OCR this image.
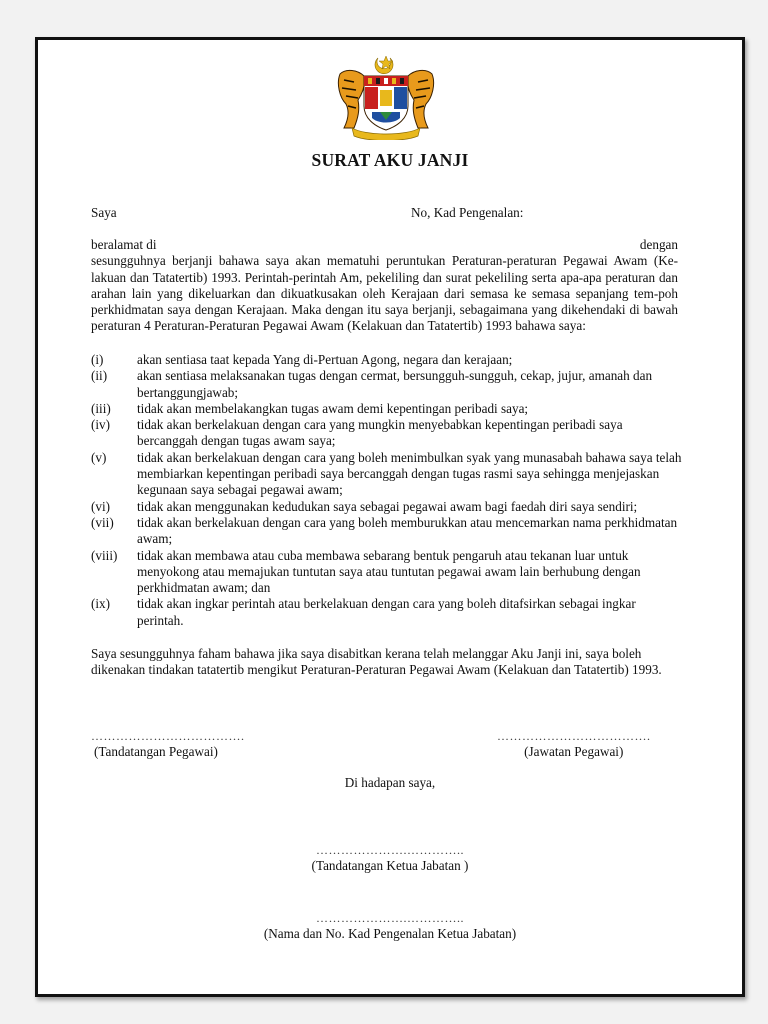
SURAT AKU JANJI
Saya	No, Kad Pengenalan:
beralamat di	dengan
sesungguhnya berjanji bahawa saya akan mematuhi peruntukan Peraturan-peraturan Pegawai Awam (Ke-lakuan dan Tatatertib) 1993. Perintah-perintah Am, pekeliling dan surat pekeliling serta apa-apa peraturan dan arahan lain yang dikeluarkan dan dikuatkusakan oleh Kerajaan dari semasa ke semasa sepanjang tem-poh perkhidmatan saya dengan Kerajaan. Maka dengan itu saya berjanji, sebagaimana yang dikehendaki di bawah peraturan 4 Peraturan-Peraturan Pegawai Awam (Kelakuan dan Tatatertib) 1993 bahawa saya:
(i)	akan sentiasa taat kepada Yang di-Pertuan Agong, negara dan kerajaan;
(ii)	akan sentiasa melaksanakan tugas dengan cermat, bersungguh-sungguh, cekap, jujur, amanah dan bertanggungjawab;
(iii)	tidak akan membelakangkan tugas awam demi kepentingan peribadi saya;
(iv)	tidak akan berkelakuan dengan cara yang mungkin menyebabkan kepentingan peribadi saya bercanggah dengan tugas awam saya;
(v)	tidak akan berkelakuan dengan cara yang boleh menimbulkan syak yang munasabah bahawa saya telah membiarkan kepentingan peribadi saya bercanggah dengan tugas rasmi saya sehingga menjejaskan kegunaan saya sebagai pegawai awam;
(vi)	tidak akan menggunakan kedudukan saya sebagai pegawai awam bagi faedah diri saya sendiri;
(vii)	tidak akan berkelakuan dengan cara yang boleh memburukkan atau mencemarkan nama perkhidmatan awam;
(viii)	tidak akan membawa atau cuba membawa sebarang bentuk pengaruh atau tekanan luar untuk menyokong atau memajukan tuntutan saya atau tuntutan pegawai awam lain berhubung dengan perkhidmatan awam; dan
(ix)	tidak akan ingkar perintah atau berkelakuan dengan cara yang boleh ditafsirkan sebagai ingkar perintah.
Saya sesungguhnya faham bahawa jika saya disabitkan kerana telah melanggar Aku Janji ini, saya boleh dikenakan tindakan tatatertib mengikut Peraturan-Peraturan Pegawai Awam (Kelakuan dan Tatatertib) 1993.
……………………………….
(Tandatangan Pegawai)
……………………………….
(Jawatan Pegawai)
Di hadapan saya,
………………….…………..
(Tandatangan Ketua Jabatan )
………………….…………..
(Nama dan No. Kad Pengenalan Ketua Jabatan)
